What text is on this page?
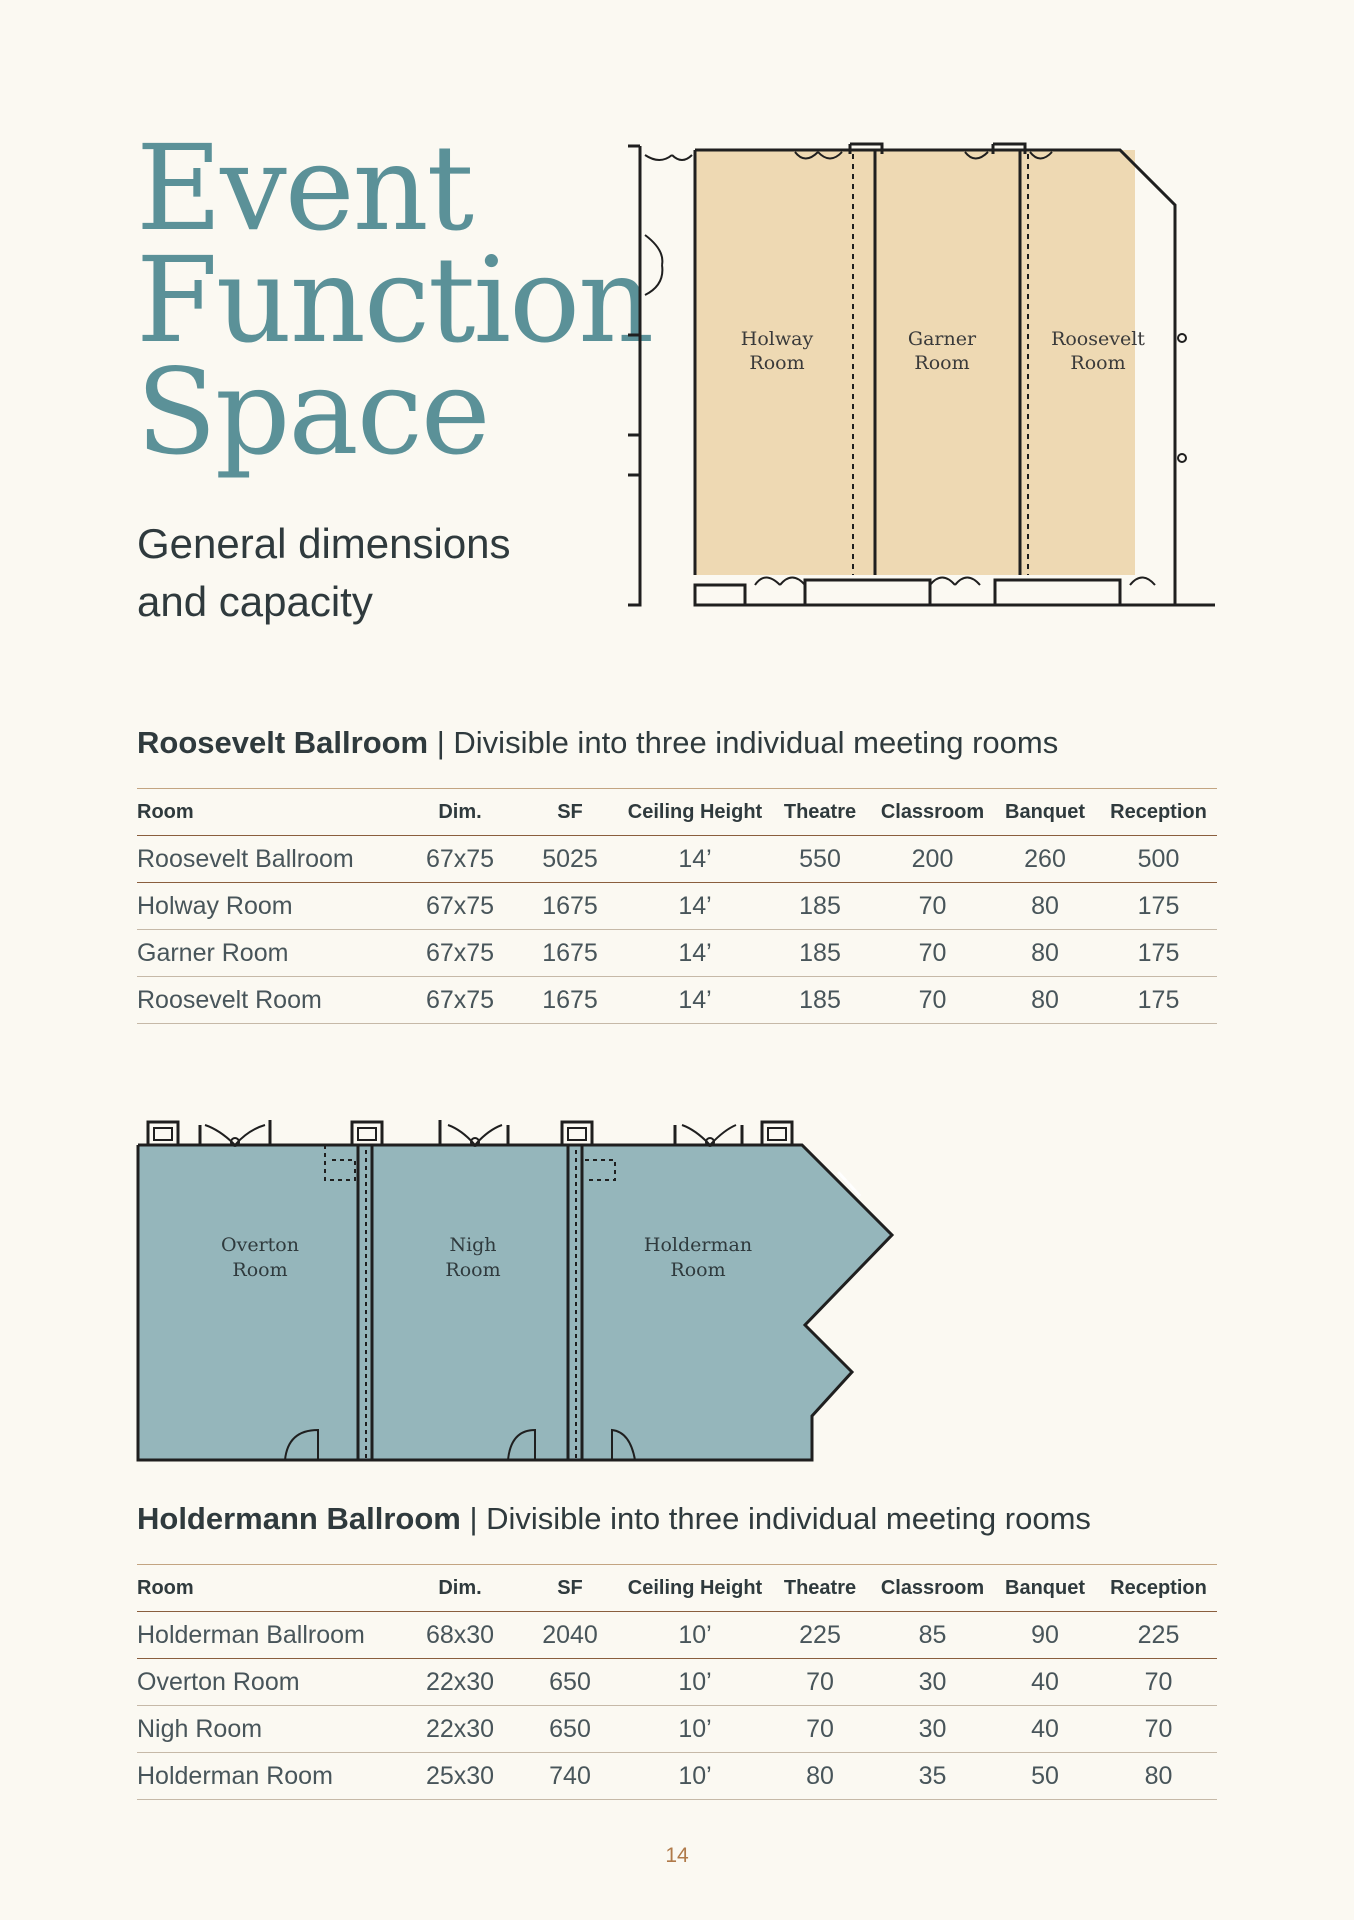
Event
Function
Space
General dimensions
and capacity
Holway
Room
Garner
Room
Roosevelt
Room
Roosevelt Ballroom | Divisible into three individual meeting rooms
Room	Dim.	SF	Ceiling Height	Theatre	Classroom	Banquet	Reception
Roosevelt Ballroom	67x75	5025	14’	550	200	260	500
Holway Room	67x75	1675	14’	185	70	80	175
Garner Room	67x75	1675	14’	185	70	80	175
Roosevelt Room	67x75	1675	14’	185	70	80	175
Overton
Room
Nigh
Room
Holderman
Room
Holdermann Ballroom | Divisible into three individual meeting rooms
Room	Dim.	SF	Ceiling Height	Theatre	Classroom	Banquet	Reception
Holderman Ballroom	68x30	2040	10’	225	85	90	225
Overton Room	22x30	650	10’	70	30	40	70
Nigh Room	22x30	650	10’	70	30	40	70
Holderman Room	25x30	740	10’	80	35	50	80
14
